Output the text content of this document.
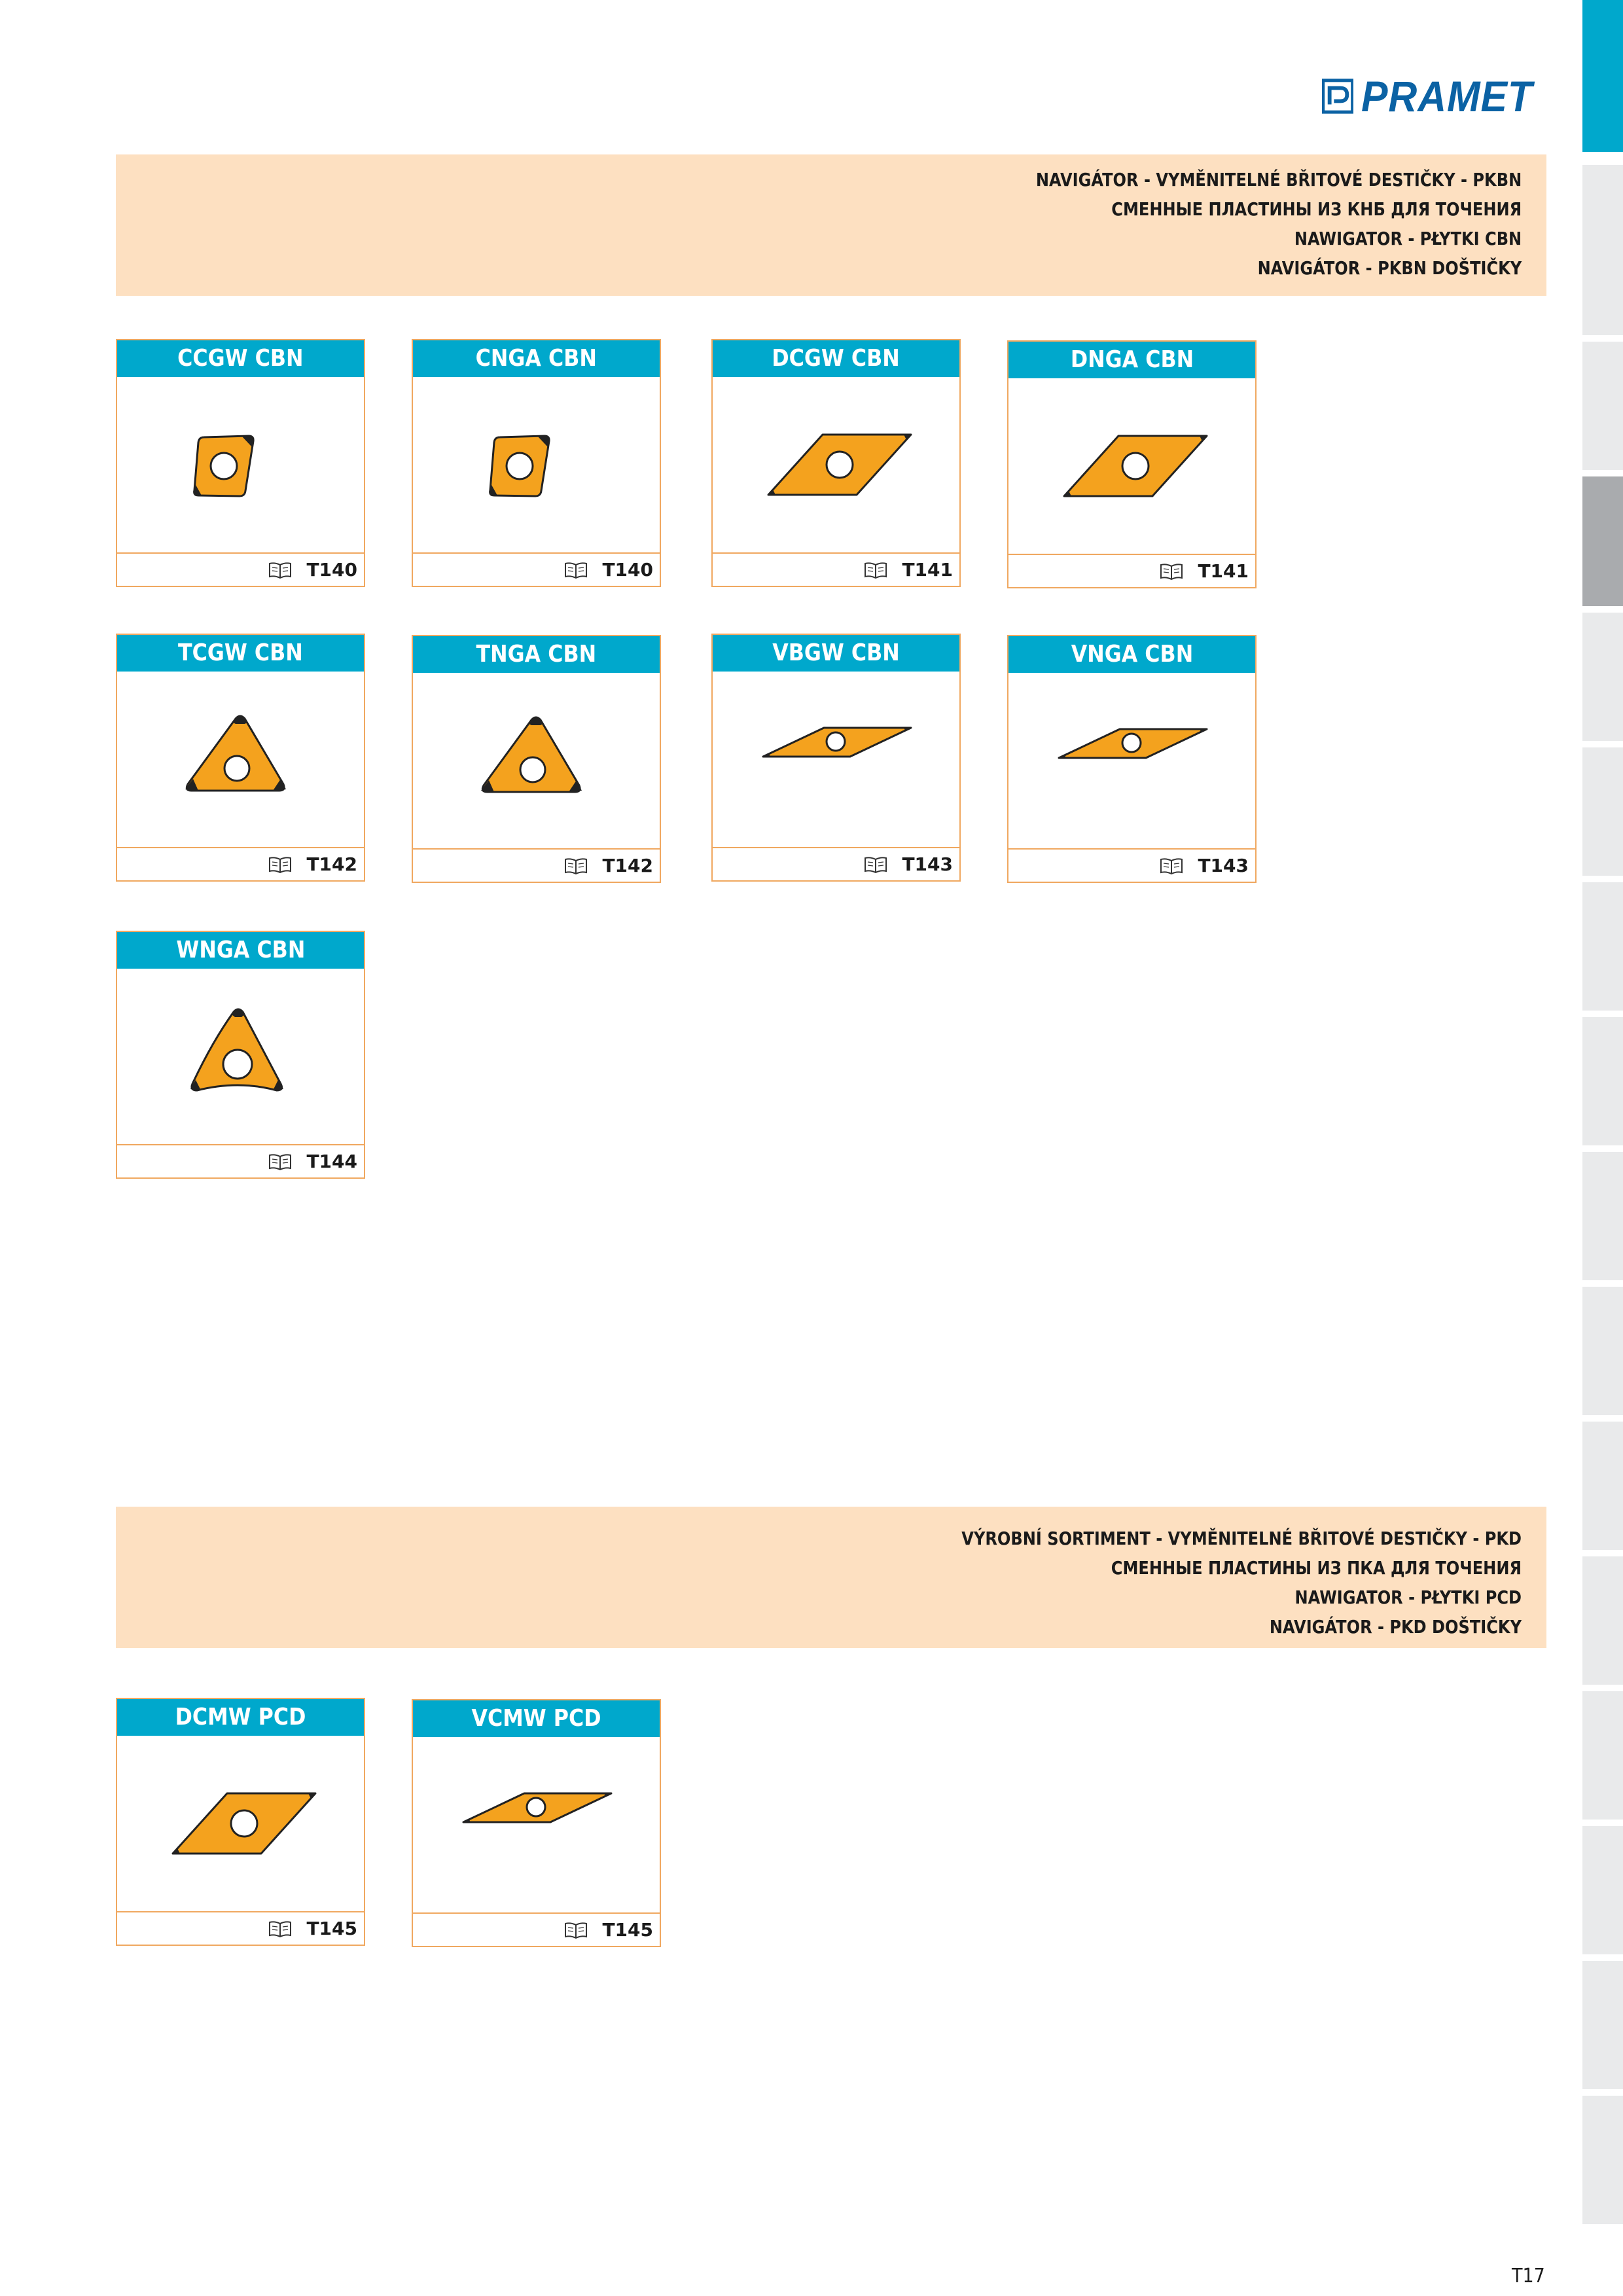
PRAMET
NAVIGÁTOR - VYMĚNITELNÉ BŘITOVÉ DESTIČKY - PKBN
СМЕННЫЕ ПЛАСТИНЫ ИЗ КНБ ДЛЯ ТОЧЕНИЯ
NAWIGATOR - PŁYTKI CBN
NAVIGÁTOR - PKBN DOŠTIČKY
CCGW CBN
T140
CNGA CBN
T140
DCGW CBN
T141
DNGA CBN
T141
TCGW CBN
T142
TNGA CBN
T142
VBGW CBN
T143
VNGA CBN
T143
WNGA CBN
T144
VÝROBNÍ SORTIMENT - VYMĚNITELNÉ BŘITOVÉ DESTIČKY - PKD
СМЕННЫЕ ПЛАСТИНЫ ИЗ ПКА ДЛЯ ТОЧЕНИЯ
NAWIGATOR - PŁYTKI PCD
NAVIGÁTOR - PKD DOŠTIČKY
DCMW PCD
T145
VCMW PCD
T145
T17
